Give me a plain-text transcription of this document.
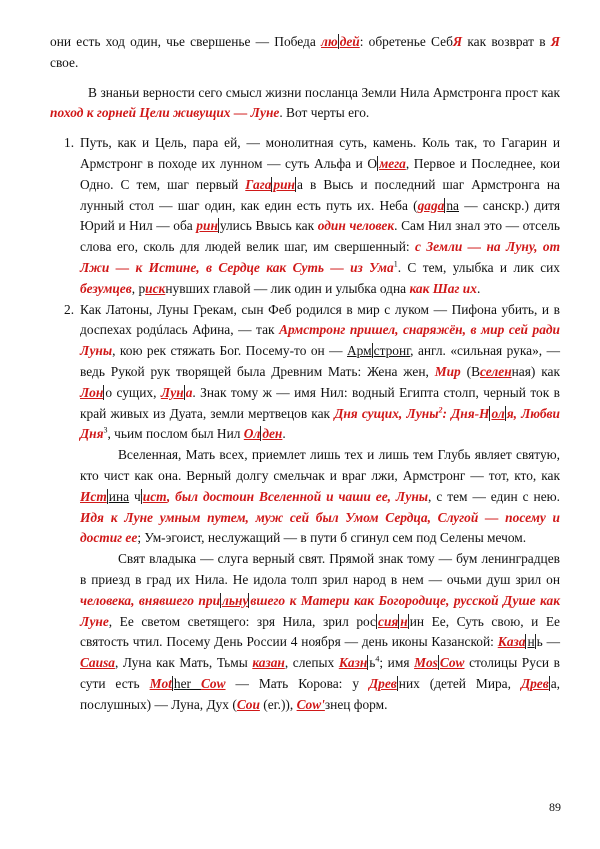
они есть ход один, чье свершенье — Победа лю дей: обретенье СебЯ как возврат в Я свое.

В знаньи верности сего смысл жизни посланца Земли Нила Армстронга прост как поход к горней Цели живущих — Луне. Вот черты его.

1. Путь, как и Цель, пара ей, — монолитная суть, камень. Коль так, то Гагарин и Армстронг в походе их лунном — суть Альфа и О мега, Первое и Последнее, кои Одно. С тем, шаг первый Гага рин а в Высь и последний шаг Армстронга на лунный стол — шаг один, как един есть путь их. Неба (gaga na — санскр.) дитя Юрий и Нил — оба рин улись Ввысь как один человек. Сам Нил знал это — отсель слова его, сколь для людей велик шаг, им свершенный: с Земли — на Луну, от Лжи — к Истине, в Сердце как Суть — из Ума$^1$. С тем, улыбка и лик сих безумцев, рискнувших главой — лик один и улыбка одна как Шаг их.
2. Как Латоны, Луны Грекам, сын Феб родился в мир с луком — Пифона убить, и в доспехах родúлась Афина, — так Армстронг пришел, снаряжён, в мир сей ради Луны, кою рек стяжать Бог. Посему-то он — Арм стронг, англ. «сильная рука», — ведь Рукой рук творящей была Древним Мать: Жена жен, Мир (Вселенная) как Лон о сущих, Лун а. Знак тому ж — имя Нил: водный Египта столп, черный ток в край живых из Дуата, земли мертвецов как Дня сущих, Луны$^2$: Дня-Н ол я, Любви Дня$^3$, чьим послом был Нил Ол ден.

Вселенная, Мать всех, приемлет лишь тех и лишь тем Глубь являет святую, кто чист как она. Верный долгу смельчак и враг лжи, Армстронг — тот, кто, как Ист ина ч ист, был достоин Вселенной и чаши ее, Луны, с тем — един с нею. Идя к Луне умным путем, муж сей был Умом Сердца, Слугой — посему и достиг ее; Ум-эгоист, неслужащий — в пути б сгинул сем под Селены мечом.

Свят владыка — слуга верный свят. Прямой знак тому — бум ленинградцев в приезд в град их Нила. Не идола толп зрил народ в нем — очьми душ зрил он человека, внявшего при льну вшего к Матери как Богородице, русской Душе как Луне, Ее светом светящего: зря Нила, зрил рос сия н ин Ее, Суть свою, и Ее святость чтил. Посему День России 4 ноября — день иконы Казанской: Каза н ь — Causa, Луна как Мать, Тьмы казан, слепых Казн $ь^4$; имя Mos Cow столицы Руси в сути есть Mot her Cow — Мать Корова: у Древ них (детей Мира, Древ а, послушных) — Луна, Дух (Cou (ег.)), Cow'знец форм.

89
